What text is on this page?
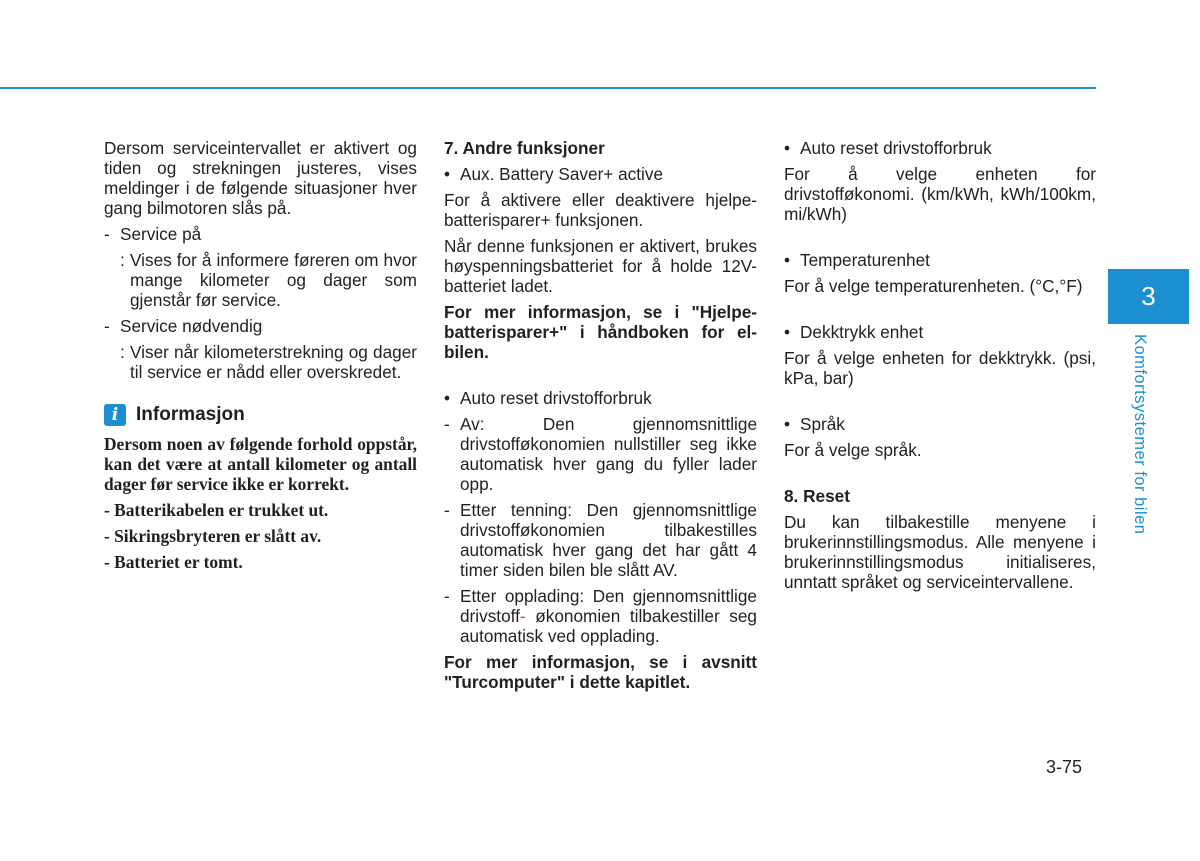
Dersom serviceintervallet er aktivert og tiden og strekningen justeres, vises meldinger i de følgende situasjoner hver gang bilmotoren slås på.

- Service på
: Vises for å informere føreren om hvor mange kilometer og dager som gjenstår før service.
- Service nødvendig
: Viser når kilometerstrekning og dager til service er nådd eller overskredet.
i Informasjon

Dersom noen av følgende forhold oppstår, kan det være at antall kilometer og antall dager før service ikke er korrekt.

- Batterikabelen er trukket ut.

- Sikringsbryteren er slått av.

- Batteriet er tomt.

7. Andre funksjoner
• Aux. Battery Saver+ active

For å aktivere eller deaktivere hjelpe-batterisparer+ funksjonen.

Når denne funksjonen er aktivert, brukes høyspenningsbatteriet for å holde 12V-batteriet ladet.

For mer informasjon, se i "Hjelpe-batterisparer+" i håndboken for el-bilen.

• Auto reset drivstofforbruk
- Av: Den gjennomsnittlige drivstofføkonomien nullstiller seg ikke automatisk hver gang du fyller lader opp.
- Etter tenning: Den gjennomsnittlige drivstofføkonomien tilbakestilles automatisk hver gang det har gått 4 timer siden bilen ble slått AV.
- Etter opplading: Den gjennomsnittlige drivstoff- økonomien tilbakestiller seg automatisk ved opplading.

For mer informasjon, se i avsnitt "Turcomputer" i dette kapitlet.

• Auto reset drivstofforbruk

For å velge enheten for drivstofføkonomi. (km/kWh, kWh/100km, mi/kWh)

• Temperaturenhet

For å velge temperaturenheten. (°C,°F)

• Dekktrykk enhet

For å velge enheten for dekktrykk. (psi, kPa, bar)

• Språk

For å velge språk.

8. Reset

Du kan tilbakestille menyene i brukerinnstillingsmodus. Alle menyene i brukerinnstillingsmodus initialiseres, unntatt språket og serviceintervallene.

3
Komfortsystemer for bilen
3-75
